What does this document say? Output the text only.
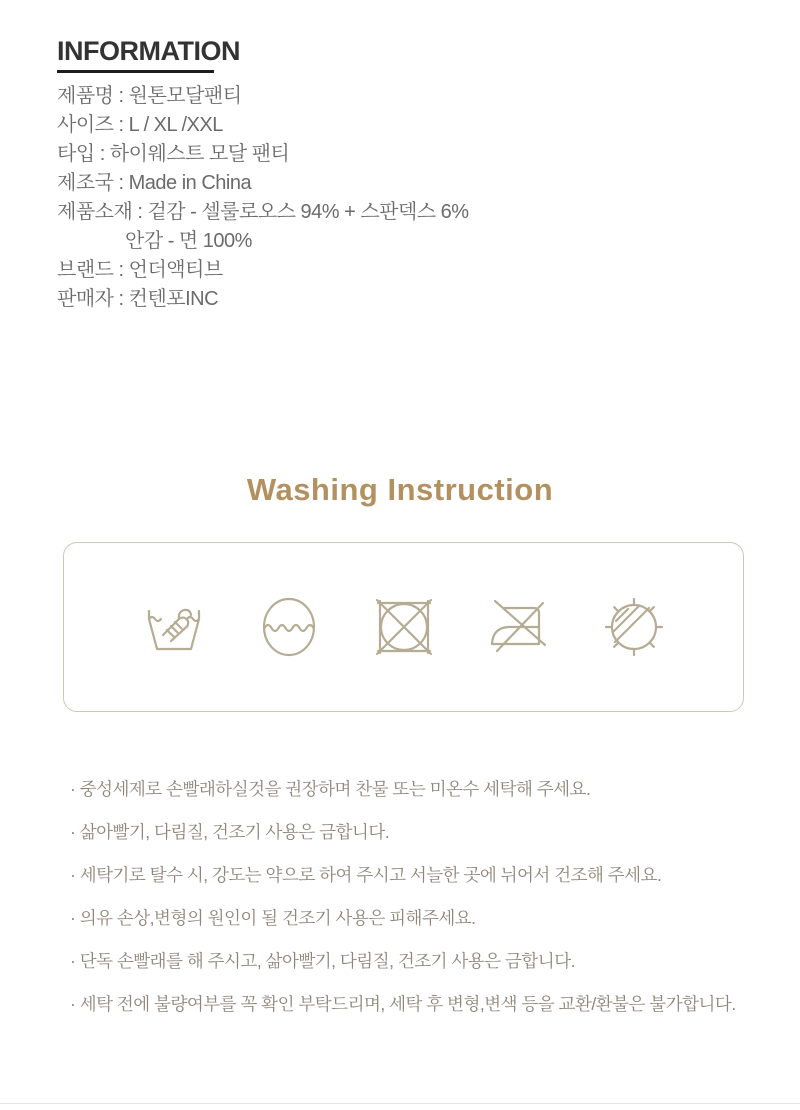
INFORMATION
제품명 : 원톤모달팬티
사이즈 : L / XL /XXL
타입 : 하이웨스트 모달 팬티
제조국 : Made in China
제품소재 : 겉감 - 셀룰로오스 94% + 스판덱스 6%
안감 - 면 100%
브랜드 : 언더액티브
판매자 : 컨텐포INC
Washing Instruction
· 중성세제로 손빨래하실것을 권장하며 찬물 또는 미온수 세탁해 주세요.
· 삶아빨기, 다림질, 건조기 사용은 금합니다.
· 세탁기로 탈수 시, 강도는 약으로 하여 주시고 서늘한 곳에 뉘어서 건조해 주세요.
· 의유 손상,변형의 원인이 될 건조기 사용은 피해주세요.
· 단독 손빨래를 해 주시고, 삶아빨기, 다림질, 건조기 사용은 금합니다.
· 세탁 전에 불량여부를 꼭 확인 부탁드리며, 세탁 후 변형,변색 등을 교환/환불은 불가합니다.
